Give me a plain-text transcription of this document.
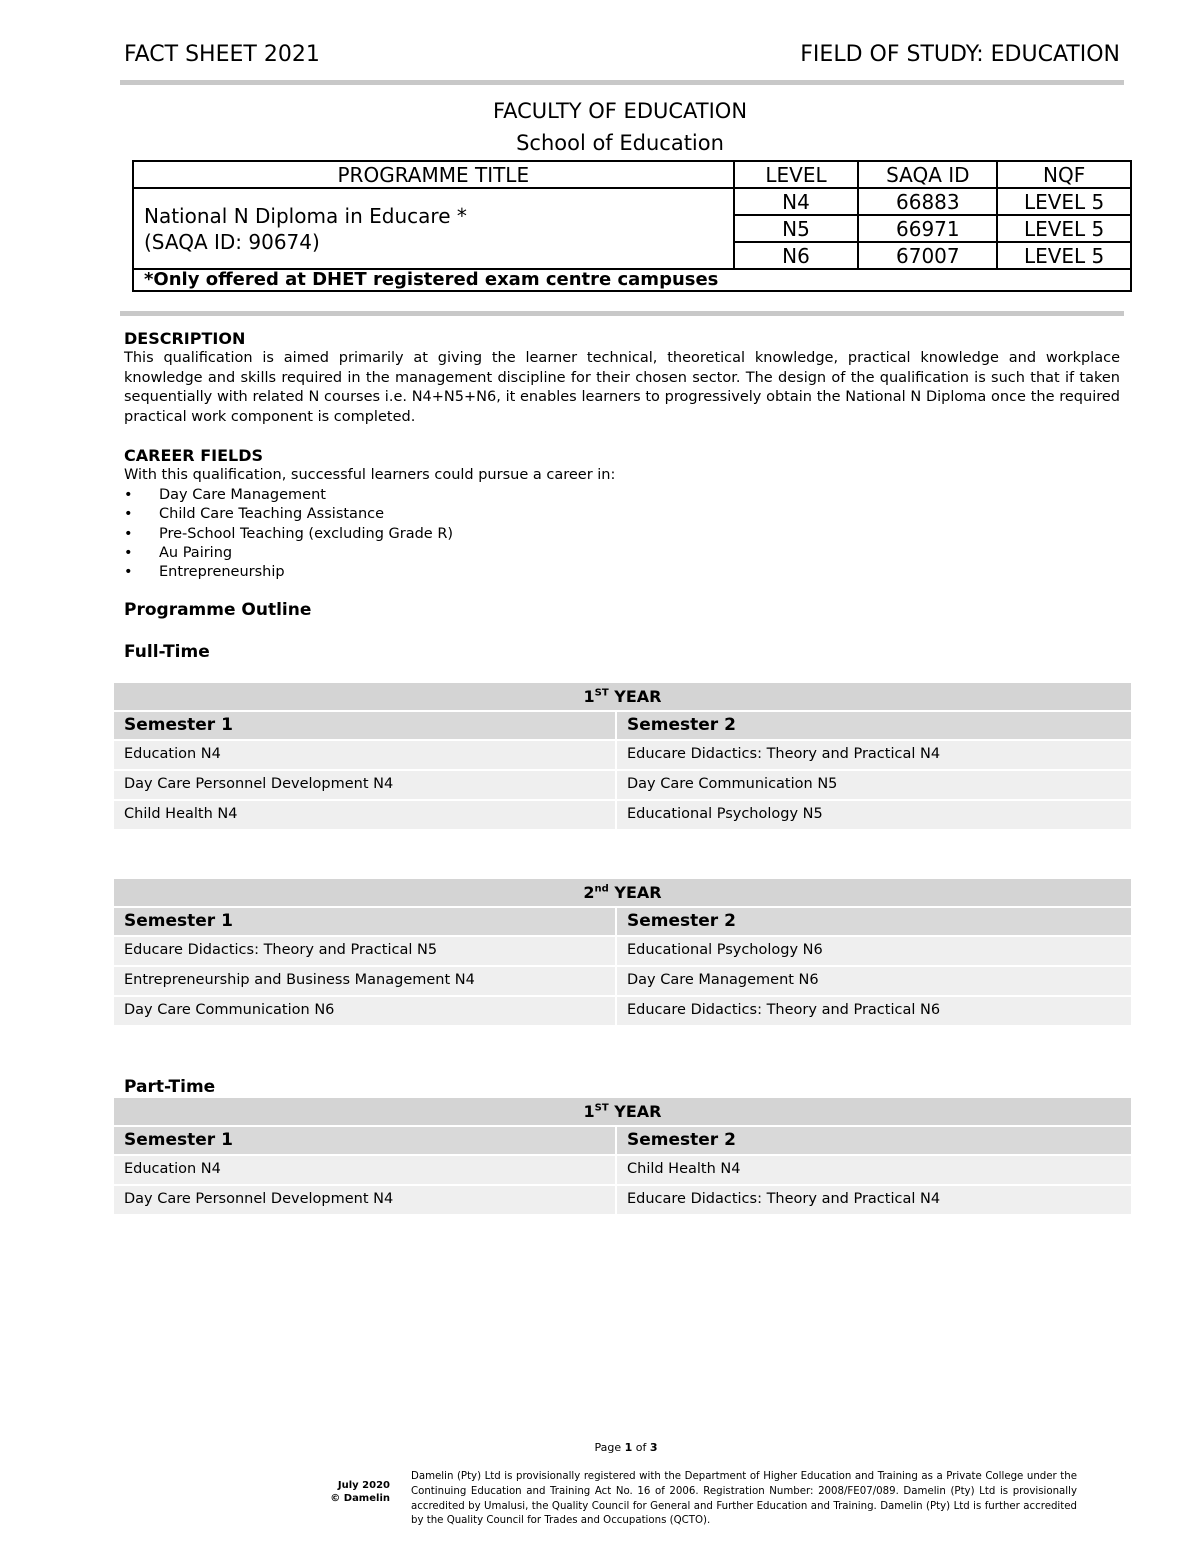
FACT SHEET 2021	FIELD OF STUDY: EDUCATION
FACULTY OF EDUCATION
School of Education
PROGRAMME TITLE	LEVEL	SAQA ID	NQF

National N Diploma in Educare *
(SAQA ID: 90674)	N4	66883	LEVEL 5
	N5	66971	LEVEL 5
	N6	67007	LEVEL 5
*Only offered at DHET registered exam centre campuses			
DESCRIPTION
This qualification is aimed primarily at giving the learner technical, theoretical knowledge, practical knowledge and workplace knowledge and skills required in the management discipline for their chosen sector. The design of the qualification is such that if taken sequentially with related N courses i.e. N4+N5+N6, it enables learners to progressively obtain the National N Diploma once the required practical work component is completed.
CAREER FIELDS
With this qualification, successful learners could pursue a career in:
• Day Care Management
• Child Care Teaching Assistance
• Pre-School Teaching (excluding Grade R)
• Au Pairing
• Entrepreneurship
Programme Outline
Full-Time
1ST YEAR
Semester 1	Semester 2
Education N4	Educare Didactics: Theory and Practical N4
Day Care Personnel Development N4	Day Care Communication N5
Child Health N4	Educational Psychology N5
2nd YEAR
Semester 1	Semester 2
Educare Didactics: Theory and Practical N5	Educational Psychology N6
Entrepreneurship and Business Management N4	Day Care Management N6
Day Care Communication N6	Educare Didactics: Theory and Practical N6
Part-Time
1ST YEAR
Semester 1	Semester 2
Education N4	Child Health N4
Day Care Personnel Development N4	Educare Didactics: Theory and Practical N4
Page 1 of 3
July 2020
© Damelin
Damelin (Pty) Ltd is provisionally registered with the Department of Higher Education and Training as a Private College under the Continuing Education and Training Act No. 16 of 2006. Registration Number: 2008/FE07/089. Damelin (Pty) Ltd is provisionally accredited by Umalusi, the Quality Council for General and Further Education and Training. Damelin (Pty) Ltd is further accredited by the Quality Council for Trades and Occupations (QCTO).
